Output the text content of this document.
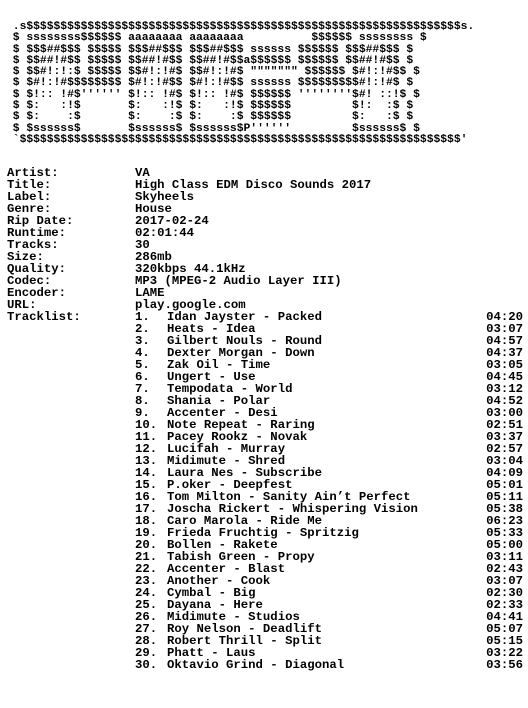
.s$$$$$$$$$$$$$$$$$$$$$$$$$$$$$$$$$$$$$$$$$$$$$$$$$$$$$$$$$$$$$$$$s.
$ ssssssss$$$$$$ aaaaaaaa aaaaaaaa          $$$$$$ ssssssss $
$ $$$##$$$ $$$$$ $$$##$$$ $$$##$$$ ssssss $$$$$$ $$$##$$$ $
$ $$##!#$$ $$$$$ $$##!#$$ $$##!#$$a$$$$$$ $$$$$$ $$##!#$$ $
$ $$#!:!:$ $$$$$ $$#!:!#$ $$#!:!#$ """"""" $$$$$$ $#!:!#$$ $
$ $#!:!#$$$$$$$$ $#!:!#$$ $#!:!#$$ ssssss $$$$$$$$$#!:!#$ $
$ $!:: !#$'''''' $!:: !#$ $!:: !#$ $$$$$$ ''''''''$#! ::!$ $
$ $:   :!$       $:   :!$ $:   :!$ $$$$$$         $!:  :$ $
$ $:    :$       $:    :$ $:    :$ $$$$$$         $:   :$ $
$ $ssssss$       $ssssss$ $ssssss$P''''''         $ssssss$ $
`$$$$$$$$$$$$$$$$$$$$$$$$$$$$$$$$$$$$$$$$$$$$$$$$$$$$$$$$$$$$$$$$$'
Artist:	VA
Title:	High Class EDM Disco Sounds 2017
Label:	Skyheels
Genre:	House
Rip Date:	2017-02-24
Runtime:	02:01:44
Tracks:	30
Size:	286mb
Quality:	320kbps 44.1kHz
Codec:	MP3 (MPEG-2 Audio Layer III)
Encoder:	LAME
URL:	play.google.com
Tracklist:	1. Idan Jayster - Packed	04:20
2. Heats - Idea	03:07
3. Gilbert Nouls - Round	04:57
4. Dexter Morgan - Down	04:37
5. Zak Oil - Time	03:05
6. Ungert - Use	04:45
7. Tempodata - World	03:12
8. Shania - Polar	04:52
9. Accenter - Desi	03:00
10. Note Repeat - Raring	02:51
11. Pacey Rookz - Novak	03:37
12. Lucifah - Murray	02:57
13. Midimute - Shred	03:04
14. Laura Nes - Subscribe	04:09
15. P.oker - Deepfest	05:01
16. Tom Milton - Sanity Ain’t Perfect	05:11
17. Joscha Rickert - Whispering Vision	05:38
18. Caro Marola - Ride Me	06:23
19. Frieda Fruchtig - Spritzig	05:33
20. Bollen - Rakete	05:00
21. Tabish Green - Propy	03:11
22. Accenter - Blast	02:43
23. Another - Cook	03:07
24. Cymbal - Big	02:30
25. Dayana - Here	02:33
26. Midimute - Studios	04:41
27. Roy Nelson - Deadlift	05:07
28. Robert Thrill - Split	05:15
29. Phatt - Laus	03:22
30. Oktavio Grind - Diagonal	03:56
